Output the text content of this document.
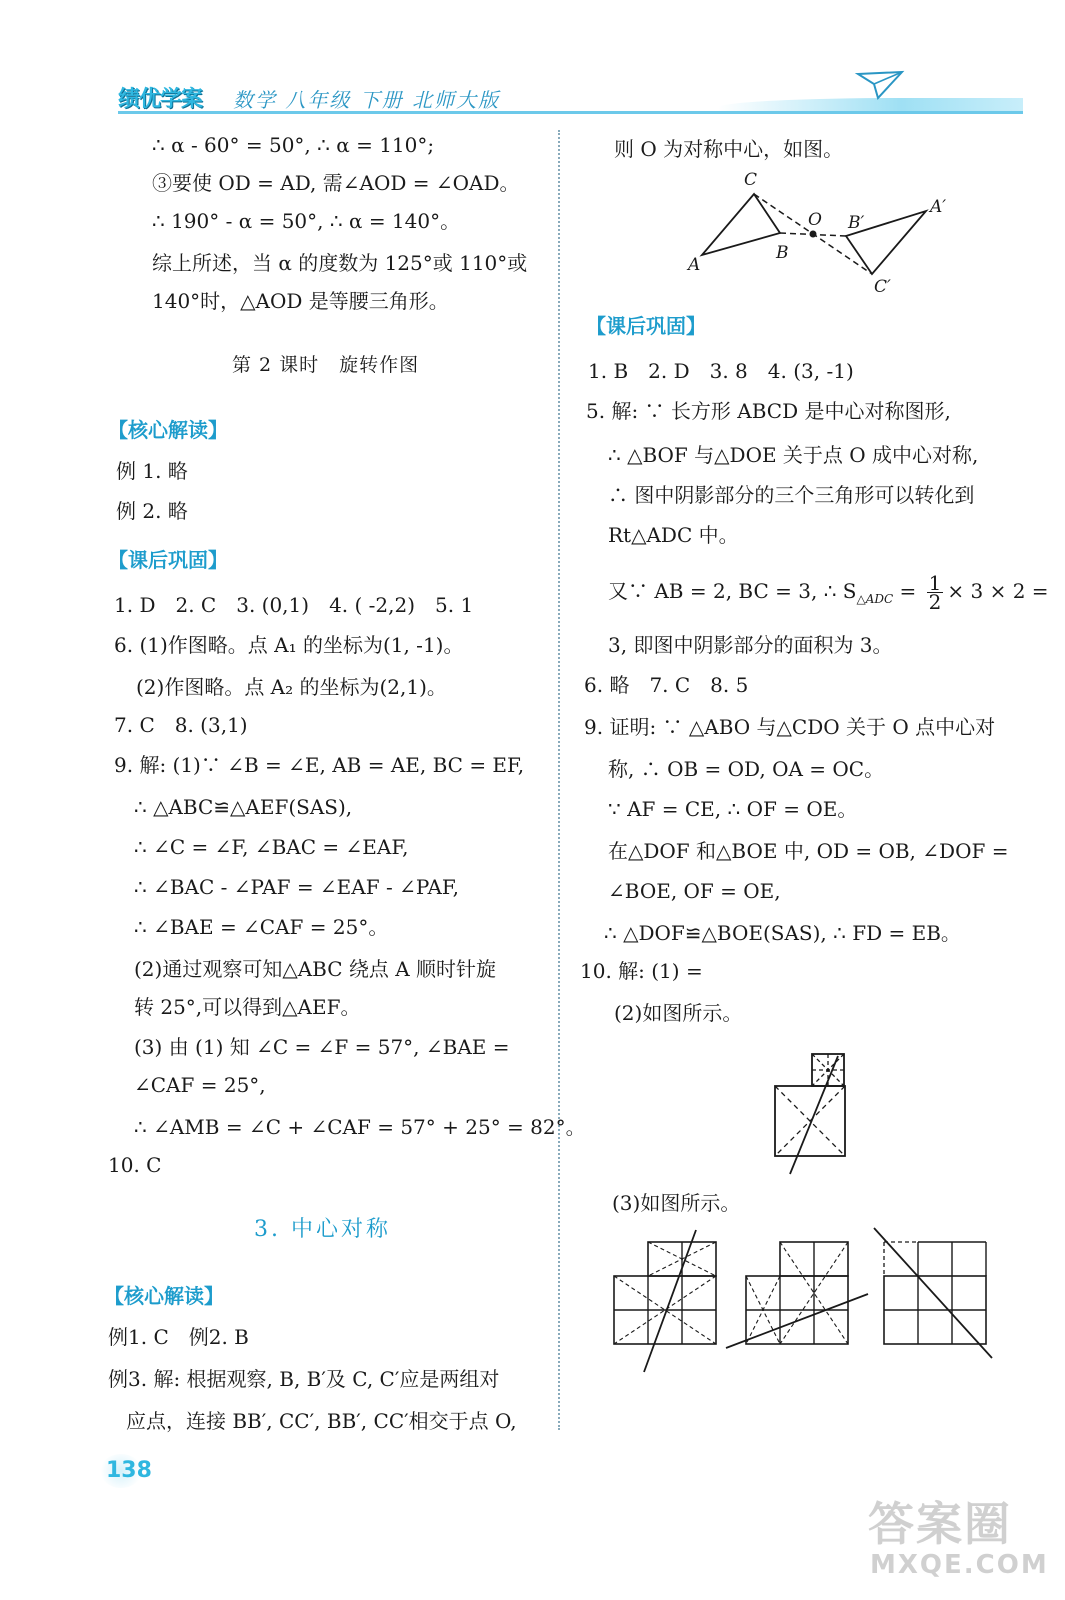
绩优学案 数学 八年级 下册 北师大版
∴ α - 60° = 50°, ∴ α = 110°;
③要使 OD = AD, 需∠AOD = ∠OAD。
∴ 190° - α = 50°, ∴ α = 140°。
综上所述，当 α 的度数为 125°或 110°或
140°时，△AOD 是等腰三角形。
第 2 课时　旋转作图
【核心解读】
例 1. 略
例 2. 略
【课后巩固】
1. D　2. C　3. (0,1)　4. ( -2,2)　5. 1
6. (1)作图略。点 A₁ 的坐标为(1, -1)。
(2)作图略。点 A₂ 的坐标为(2,1)。
7. C　8. (3,1)
9. 解: (1)∵ ∠B = ∠E, AB = AE, BC = EF,
∴ △ABC≌△AEF(SAS),
∴ ∠C = ∠F, ∠BAC = ∠EAF,
∴ ∠BAC - ∠PAF = ∠EAF - ∠PAF,
∴ ∠BAE = ∠CAF = 25°。
(2)通过观察可知△ABC 绕点 A 顺时针旋
转 25°,可以得到△AEF。
(3) 由 (1) 知 ∠C = ∠F = 57°, ∠BAE =
∠CAF = 25°,
∴ ∠AMB = ∠C + ∠CAF = 57° + 25° = 82°。
10. C
3. 中心对称
【核心解读】
例1. C　例2. B
例3. 解: 根据观察, B, B′及 C, C′应是两组对
应点，连接 BB′, CC′, BB′, CC′相交于点 O,
则 O 为对称中心，如图。
C
O B′
A′
A
B
C′
【课后巩固】
1. B　2. D　3. 8　4. (3, -1)
5. 解: ∵ 长方形 ABCD 是中心对称图形,
∴ △BOF 与△DOE 关于点 O 成中心对称,
∴ 图中阴影部分的三个三角形可以转化到
Rt△ADC 中。
又∵ AB = 2, BC = 3, ∴ $S_{\triangle ADC} = \frac{1}{2} \times 3 \times 2$ =
3, 即图中阴影部分的面积为 3。
6. 略　7. C　8. 5
9. 证明: ∵ △ABO 与△CDO 关于 O 点中心对
称, ∴ OB = OD, OA = OC。
∵ AF = CE, ∴ OF = OE。
在△DOF 和△BOE 中, OD = OB, ∠DOF =
∠BOE, OF = OE,
∴ △DOF≌△BOE(SAS), ∴ FD = EB。
10. 解: (1) =
(2)如图所示。
(3)如图所示。
138
答案圈
MXQE.COM
